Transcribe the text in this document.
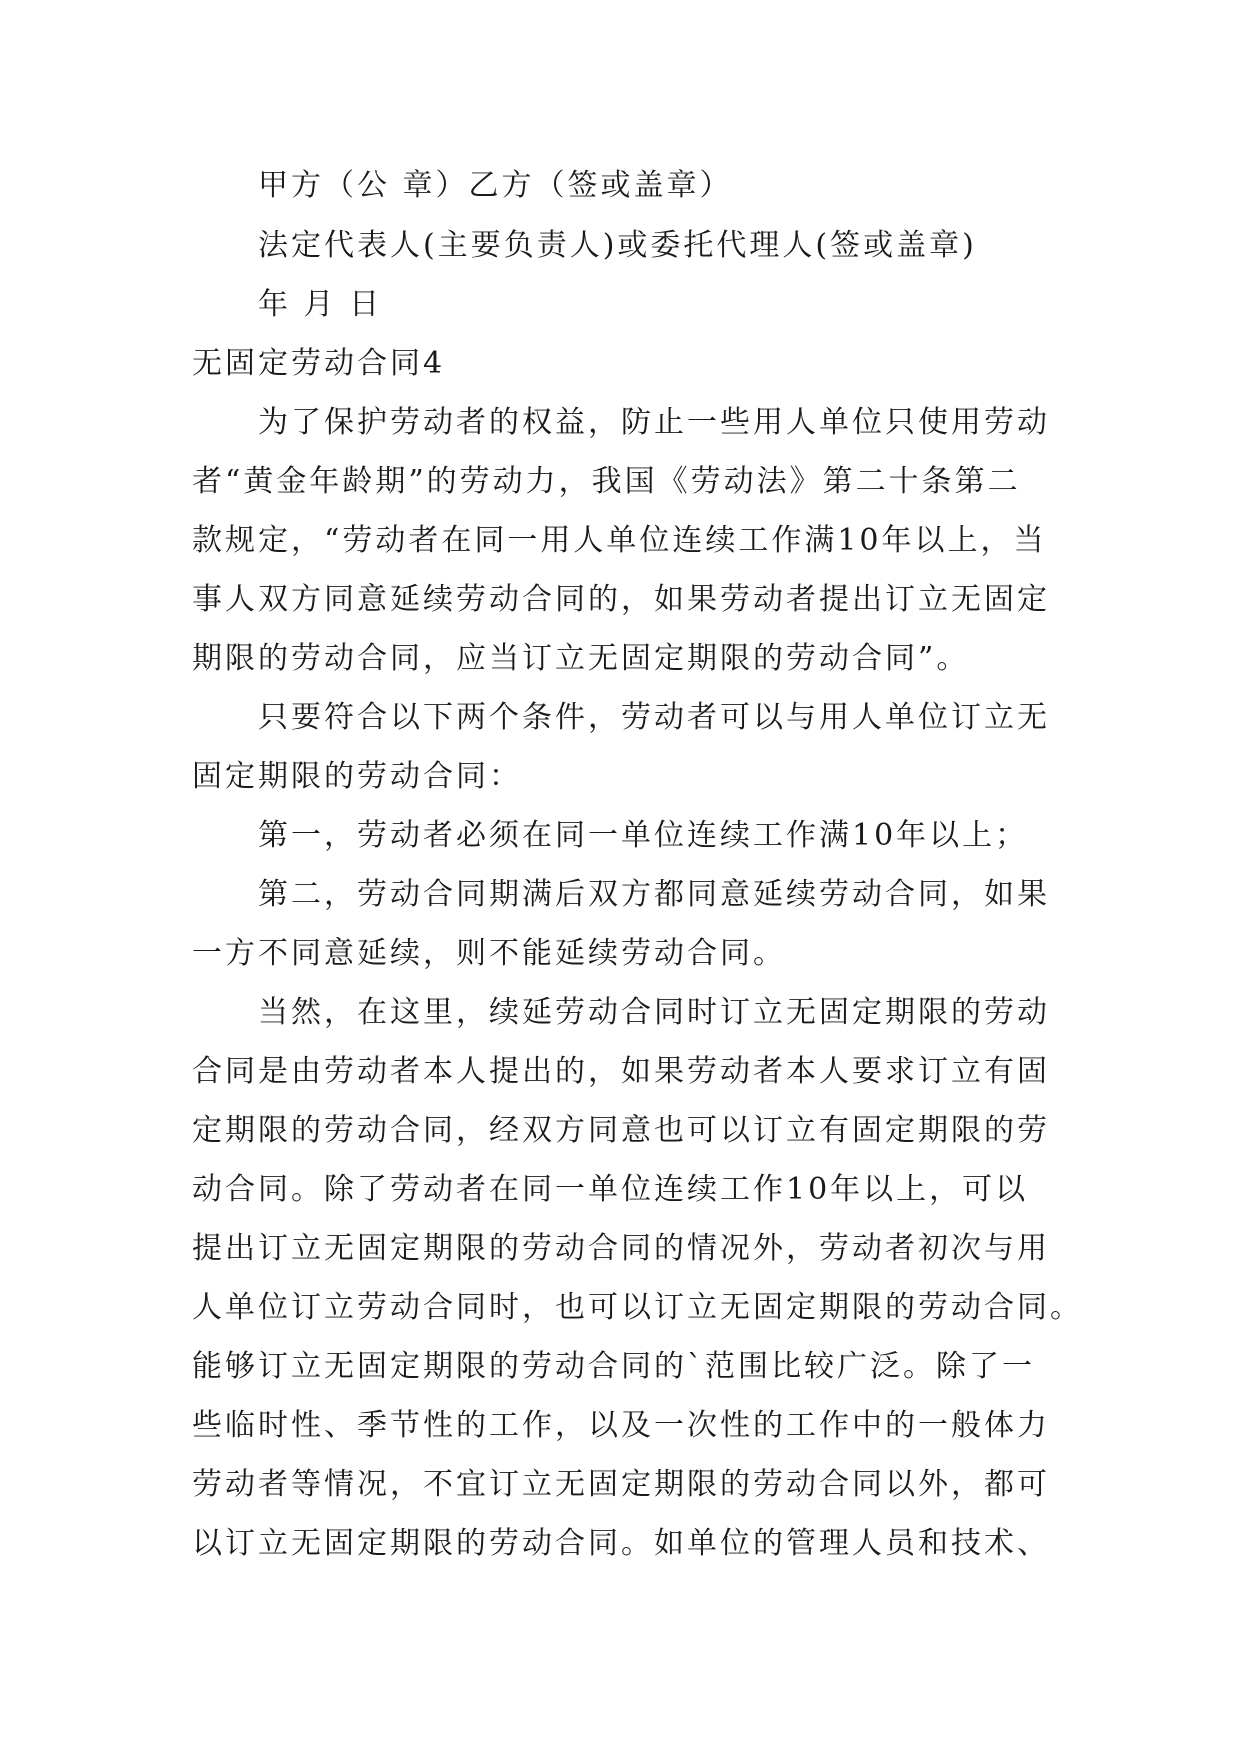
甲方（公 章）乙方（签或盖章）

法定代表人(主要负责人)或委托代理人(签或盖章)

年 月 日

无固定劳动合同4

为了保护劳动者的权益，防止一些用人单位只使用劳动

者“黄金年龄期”的劳动力，我国《劳动法》第二十条第二

款规定，“劳动者在同一用人单位连续工作满10年以上，当

事人双方同意延续劳动合同的，如果劳动者提出订立无固定

期限的劳动合同，应当订立无固定期限的劳动合同”。

只要符合以下两个条件，劳动者可以与用人单位订立无

固定期限的劳动合同：

第一，劳动者必须在同一单位连续工作满10年以上；

第二，劳动合同期满后双方都同意延续劳动合同，如果

一方不同意延续，则不能延续劳动合同。

当然，在这里，续延劳动合同时订立无固定期限的劳动

合同是由劳动者本人提出的，如果劳动者本人要求订立有固

定期限的劳动合同，经双方同意也可以订立有固定期限的劳

动合同。除了劳动者在同一单位连续工作10年以上，可以

提出订立无固定期限的劳动合同的情况外，劳动者初次与用

人单位订立劳动合同时，也可以订立无固定期限的劳动合同。

能够订立无固定期限的劳动合同的`范围比较广泛。除了一

些临时性、季节性的工作，以及一次性的工作中的一般体力

劳动者等情况，不宜订立无固定期限的劳动合同以外，都可

以订立无固定期限的劳动合同。如单位的管理人员和技术、
